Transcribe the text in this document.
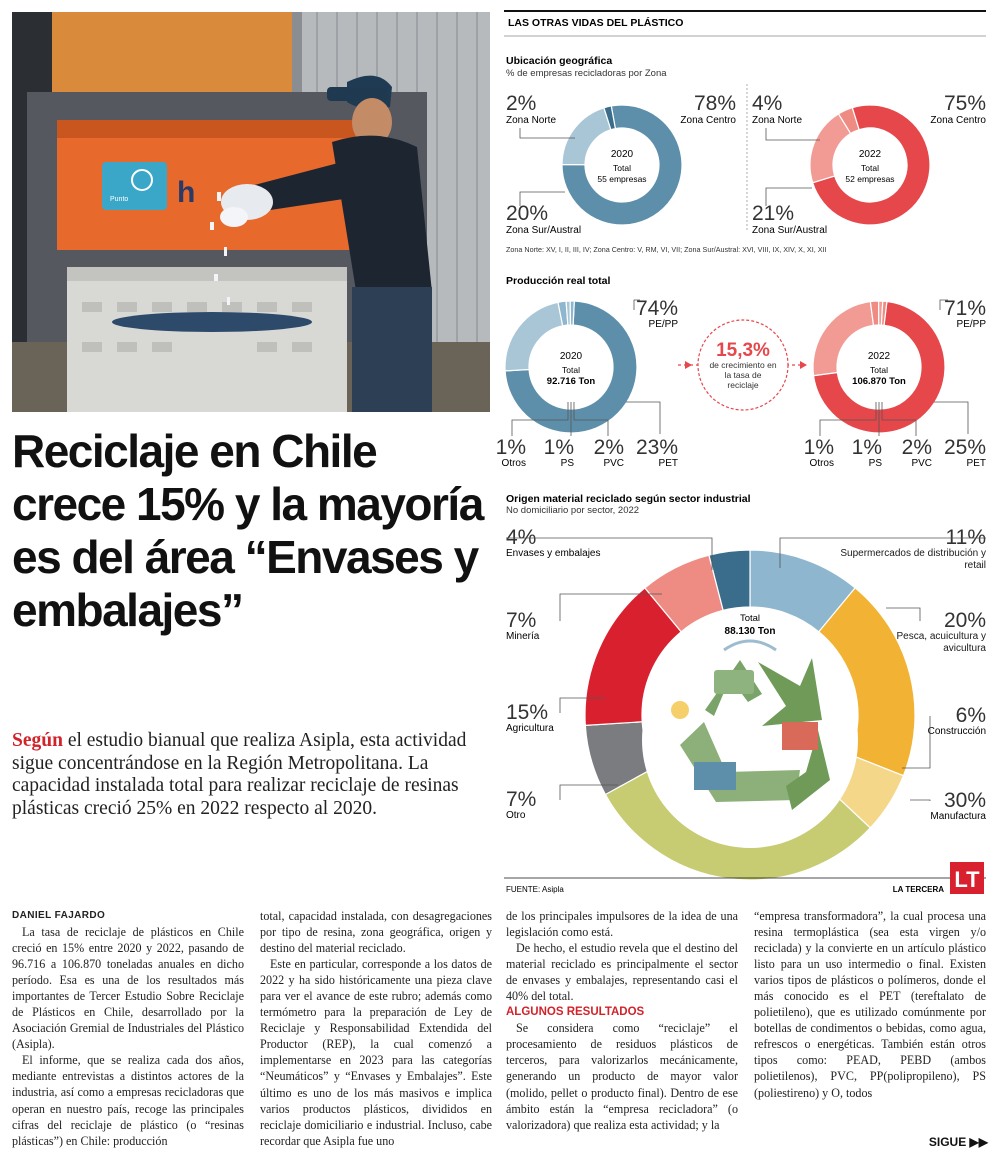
Punto h
Reciclaje en Chile crece 15% y la mayoría es del área “Envases y embalajes”

Según el estudio bianual que realiza Asipla, esta actividad sigue concentrándose en la Región Metropolitana. La capacidad instalada total para realizar reciclaje de resinas plásticas creció 25% en 2022 respecto al 2020.

LAS OTRAS VIDAS DEL PLÁSTICO
Ubicación geográfica
% de empresas recicladoras por Zona
2020
Total
55 empresas
2022
Total
52 empresas
2%
Zona Norte
78%
Zona Centro
20%
Zona Sur/Austral
4%
Zona Norte
75%
Zona Centro
21%
Zona Sur/Austral
Zona Norte: XV, I, II, III, IV; Zona Centro: V, RM, VI, VII; Zona Sur/Austral: XVI, VIII, IX, XIV, X, XI, XII
Producción real total
2020
Total
92.716 Ton
2022
Total
106.870 Ton
74%
PE/PP
23%
PET
2%
PVC
1%
PS
1%
Otros
15,3%
de crecimiento en la tasa de reciclaje
71%
PE/PP
25%
PET
2%
PVC
1%
PS
1%
Otros
Origen material reciclado según sector industrial
No domiciliario por sector, 2022
Total
88.130 Ton
4%
Envases y embalajes
7%
Minería
15%
Agricultura
7%
Otro
11%
Supermercados de distribución y retail
20%
Pesca, acuicultura y avicultura
6%
Construcción
30%
Manufactura
FUENTE: Asipla	LA TERCERA LT
DANIEL FAJARDO

La tasa de reciclaje de plásticos en Chile creció en 15% entre 2020 y 2022, pasando de 96.716 a 106.870 toneladas anuales en dicho período. Esa es una de los resultados más importantes de Tercer Estudio Sobre Reciclaje de Plásticos en Chile, desarrollado por la Asociación Gremial de Industriales del Plástico (Asipla).

El informe, que se realiza cada dos años, mediante entrevistas a distintos actores de la industria, así como a empresas recicladoras que operan en nuestro país, recoge las principales cifras del reciclaje de plástico (o “resinas plásticas”) en Chile: producción

total, capacidad instalada, con desagregaciones por tipo de resina, zona geográfica, origen y destino del material reciclado.

Este en particular, corresponde a los datos de 2022 y ha sido históricamente una pieza clave para ver el avance de este rubro; además como termómetro para la preparación de Ley de Reciclaje y Responsabilidad Extendida del Productor (REP), la cual comenzó a implementarse en 2023 para las categorías “Neumáticos” y “Envases y Embalajes”. Este último es uno de los más masivos e implica varios productos plásticos, divididos en reciclaje domiciliario e industrial. Incluso, cabe recordar que Asipla fue uno

de los principales impulsores de la idea de una legislación como está.

De hecho, el estudio revela que el destino del material reciclado es principalmente el sector de envases y embalajes, representando casi el 40% del total.

ALGUNOS RESULTADOS

Se considera como “reciclaje” el procesamiento de residuos plásticos de terceros, para valorizarlos mecánicamente, generando un producto de mayor valor (molido, pellet o producto final). Dentro de ese ámbito están la “empresa recicladora” (o valorizadora) que realiza esta actividad; y la

“empresa transformadora”, la cual procesa una resina termoplástica (sea esta virgen y/o reciclada) y la convierte en un artículo plástico listo para un uso intermedio o final. Existen varios tipos de plásticos o polímeros, donde el más conocido es el PET (tereftalato de polietileno), que es utilizado comúnmente por botellas de condimentos o bebidas, como agua, refrescos o energéticas. También están otros tipos como: PEAD, PEBD (ambos polietilenos), PVC, PP(polipropileno), PS (poliestireno) y O, todos

SIGUE ▶▶
